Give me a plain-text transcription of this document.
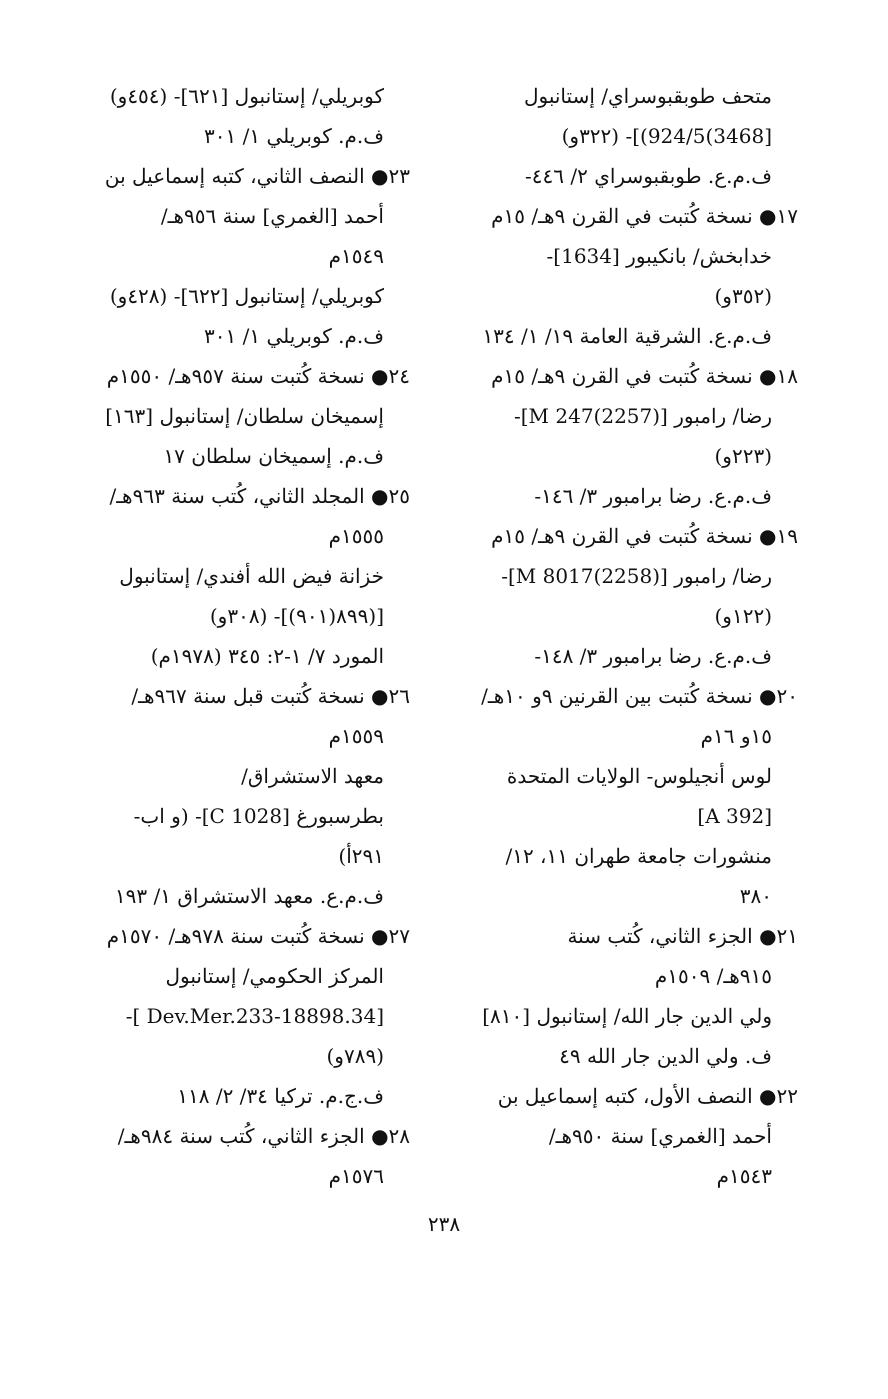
متحف طوبقبوسراي/ إستانبول
[3468)924/5)]- (٣٢٢و)
ف.م.ع. طوبقبوسراي ٢/ ٤٤٦-
١٧● نسخة كُتبت في القرن ٩هـ/ ١٥م
خدابخش/ بانكيبور [1634]-
(٣٥٢و)
ف.م.ع. الشرقية العامة ١٩/ ١/ ١٣٤
١٨● نسخة كُتبت في القرن ٩هـ/ ١٥م
رضا/ رامبور [M 247(2257)]-
(٢٢٣و)
ف.م.ع. رضا برامبور ٣/ ١٤٦-
١٩● نسخة كُتبت في القرن ٩هـ/ ١٥م
رضا/ رامبور [M 8017(2258)]-
(١٢٢و)
ف.م.ع. رضا برامبور ٣/ ١٤٨-
٢٠● نسخة كُتبت بين القرنين ٩و ١٠هـ/
١٥و ١٦م
لوس أنجيلوس- الولايات المتحدة
[A 392]
منشورات جامعة طهران ١١، ١٢/
٣٨٠
٢١● الجزء الثاني، كُتب سنة
٩١٥هـ/ ١٥٠٩م
ولي الدين جار الله/ إستانبول [٨١٠]
ف. ولي الدين جار الله ٤٩
٢٢● النصف الأول، كتبه إسماعيل بن
أحمد [الغمري] سنة ٩٥٠هـ/
١٥٤٣م
كوبريلي/ إستانبول [٦٢١]- (٤٥٤و)
ف.م. كوبريلي ١/ ٣٠١
٢٣● النصف الثاني، كتبه إسماعيل بن
أحمد [الغمري] سنة ٩٥٦هـ/
١٥٤٩م
كوبريلي/ إستانبول [٦٢٢]- (٤٢٨و)
ف.م. كوبريلي ١/ ٣٠١
٢٤● نسخة كُتبت سنة ٩٥٧هـ/ ١٥٥٠م
إسميخان سلطان/ إستانبول [١٦٣]
ف.م. إسميخان سلطان ١٧
٢٥● المجلد الثاني، كُتب سنة ٩٦٣هـ/
١٥٥٥م
خزانة فيض الله أفندي/ إستانبول
[(٨٩٩(٩٠١)]- (٣٠٨و)
المورد ٧/ ١-٢: ٣٤٥ (١٩٧٨م)
٢٦● نسخة كُتبت قبل سنة ٩٦٧هـ/
١٥٥٩م
معهد الاستشراق/
بطرسبورغ [C 1028]- (و اب-
٢٩١أ)
ف.م.ع. معهد الاستشراق ١/ ١٩٣
٢٧● نسخة كُتبت سنة ٩٧٨هـ/ ١٥٧٠م
المركز الحكومي/ إستانبول
[34.Dev.Mer.233-18898 ]-
(٧٨٩و)
ف.ج.م. تركيا ٣٤/ ٢/ ١١٨
٢٨● الجزء الثاني، كُتب سنة ٩٨٤هـ/
١٥٧٦م
٢٣٨
